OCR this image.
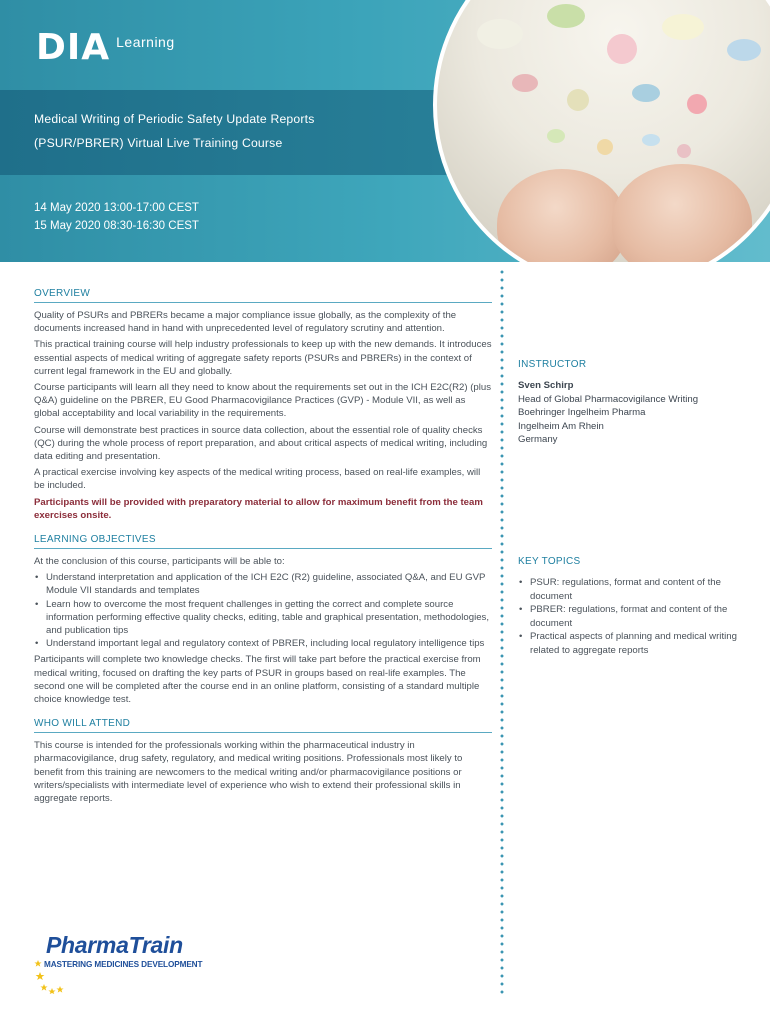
DIA Learning
Medical Writing of Periodic Safety Update Reports
(PSUR/PBRER) Virtual Live Training Course
14 May 2020 13:00-17:00 CEST
15 May 2020 08:30-16:30 CEST
OVERVIEW

Quality of PSURs and PBRERs became a major compliance issue globally, as the complexity of the documents increased hand in hand with unprecedented level of regulatory scrutiny and attention.

This practical training course will help industry professionals to keep up with the new demands. It introduces essential aspects of medical writing of aggregate safety reports (PSURs and PBRERs) in the context of current legal framework in the EU and globally.

Course participants will learn all they need to know about the requirements set out in the ICH E2C(R2) (plus Q&A) guideline on the PBRER, EU Good Pharmacovigilance Practices (GVP) - Module VII, as well as global acceptability and local variability in the requirements.

Course will demonstrate best practices in source data collection, about the essential role of quality checks (QC) during the whole process of report preparation, and about critical aspects of medical writing, including data editing and presentation.

A practical exercise involving key aspects of the medical writing process, based on real-life examples, will be included.

Participants will be provided with preparatory material to allow for maximum benefit from the team exercises onsite.

LEARNING OBJECTIVES

At the conclusion of this course, participants will be able to:

• Understand interpretation and application of the ICH E2C (R2) guideline, associated Q&A, and EU GVP Module VII standards and templates
• Learn how to overcome the most frequent challenges in getting the correct and complete source information performing effective quality checks, editing, table and graphical presentation, methodologies, and publication tips
• Understand important legal and regulatory context of PBRER, including local regulatory intelligence tips

Participants will complete two knowledge checks. The first will take part before the practical exercise from medical writing, focused on drafting the key parts of PSUR in groups based on real-life examples. The second one will be completed after the course end in an online platform, consisting of a standard multiple choice knowledge test.

WHO WILL ATTEND

This course is intended for the professionals working within the pharmaceutical industry in pharmacovigilance, drug safety, regulatory, and medical writing positions. Professionals most likely to benefit from this training are newcomers to the medical writing and/or pharmacovigilance positions or writers/specialists with intermediate level of experience who wish to extend their professional skills in aggregate reports.

INSTRUCTOR
Sven Schirp
Head of Global Pharmacovigilance Writing
Boehringer Ingelheim Pharma
Ingelheim Am Rhein
Germany
KEY TOPICS
• PSUR: regulations, format and content of the document
• PBRER: regulations, format and content of the document
• Practical aspects of planning and medical writing related to aggregate reports
PharmaTrain
MASTERING MEDICINES DEVELOPMENT
